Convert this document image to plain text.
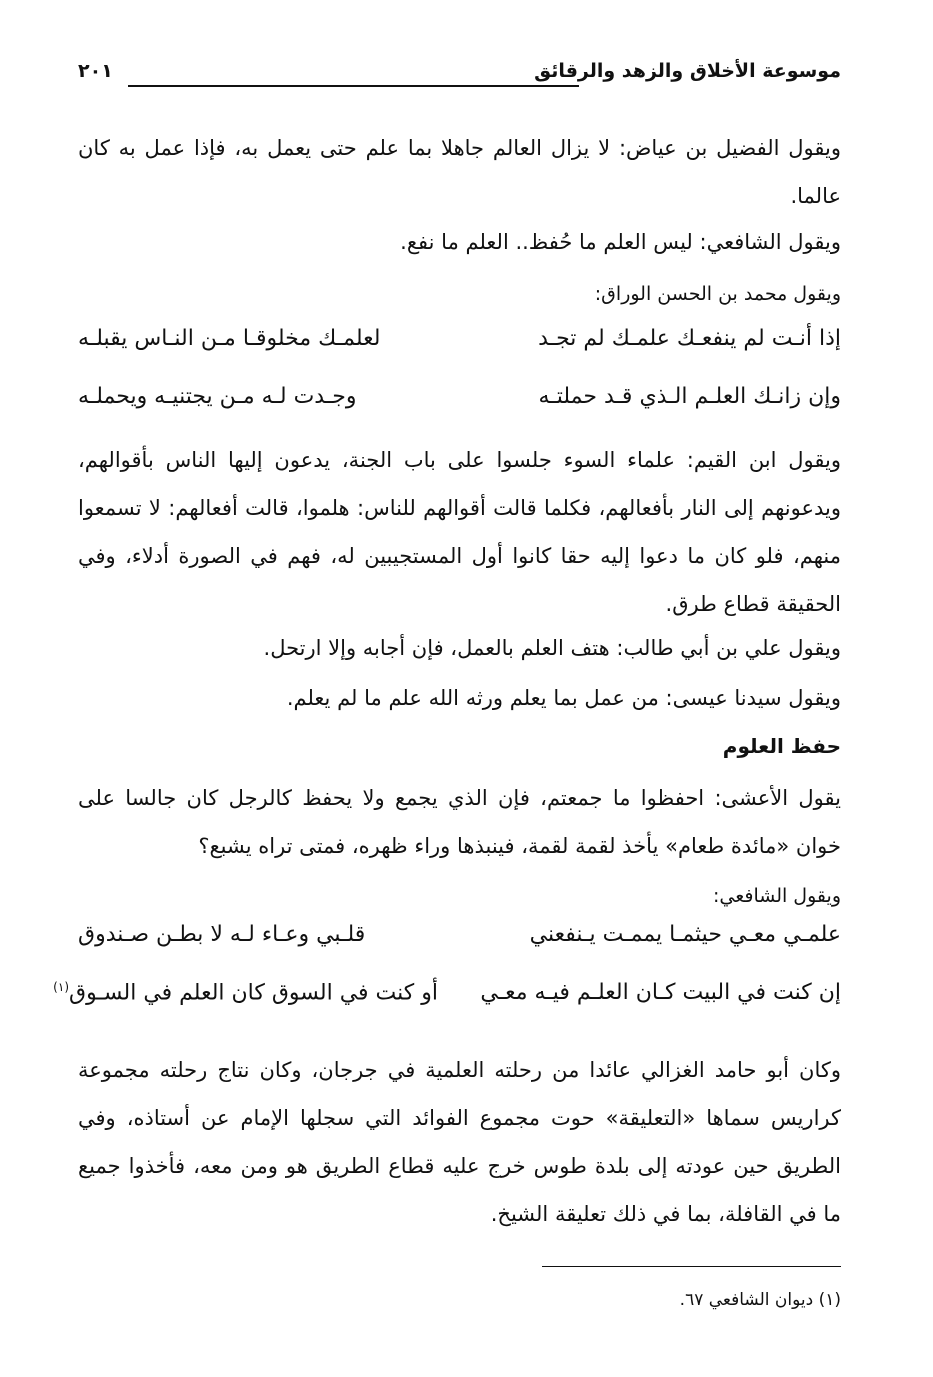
موسوعة الأخلاق والزهد والرقائق
٢٠١

ويقول الفضيل بن عياض: لا يزال العالم جاهلا بما علم حتى يعمل به، فإذا عمل به كان عالما.

ويقول الشافعي: ليس العلم ما حُفظ.. العلم ما نفع.

ويقول محمد بن الحسن الوراق:

إذا أنـت لم ينفعـك علمـك لم تجـد
لعلمـك مخلوقـا مـن النـاس يقبلـه
وإن زانـك العلـم الـذي قـد حملتـه
وجـدت لـه مـن يجتنيـه ويحملـه

ويقول ابن القيم: علماء السوء جلسوا على باب الجنة، يدعون إليها الناس بأقوالهم، ويدعونهم إلى النار بأفعالهم، فكلما قالت أقوالهم للناس: هلموا، قالت أفعالهم: لا تسمعوا منهم، فلو كان ما دعوا إليه حقا كانوا أول المستجيبين له، فهم في الصورة أدلاء، وفي الحقيقة قطاع طرق.

ويقول علي بن أبي طالب: هتف العلم بالعمل، فإن أجابه وإلا ارتحل.

ويقول سيدنا عيسى: من عمل بما يعلم ورثه الله علم ما لم يعلم.

حفظ العلوم

يقول الأعشى: احفظوا ما جمعتم، فإن الذي يجمع ولا يحفظ كالرجل كان جالسا على خوان «مائدة طعام» يأخذ لقمة لقمة، فينبذها وراء ظهره، فمتى تراه يشبع؟

ويقول الشافعي:

علمـي معـي حيثمـا يممـت يـنفعني
قلـبي وعـاء لـه لا بطـن صـندوق
إن كنت في البيت كـان العلـم فيـه معـي
أو كنت في السوق كان العلم في السـوق$^{(١)}$

وكان أبو حامد الغزالي عائدا من رحلته العلمية في جرجان، وكان نتاج رحلته مجموعة كراريس سماها «التعليقة» حوت مجموع الفوائد التي سجلها الإمام عن أستاذه، وفي الطريق حين عودته إلى بلدة طوس خرج عليه قطاع الطريق هو ومن معه، فأخذوا جميع ما في القافلة، بما في ذلك تعليقة الشيخ.

(١) ديوان الشافعي ٦٧.
